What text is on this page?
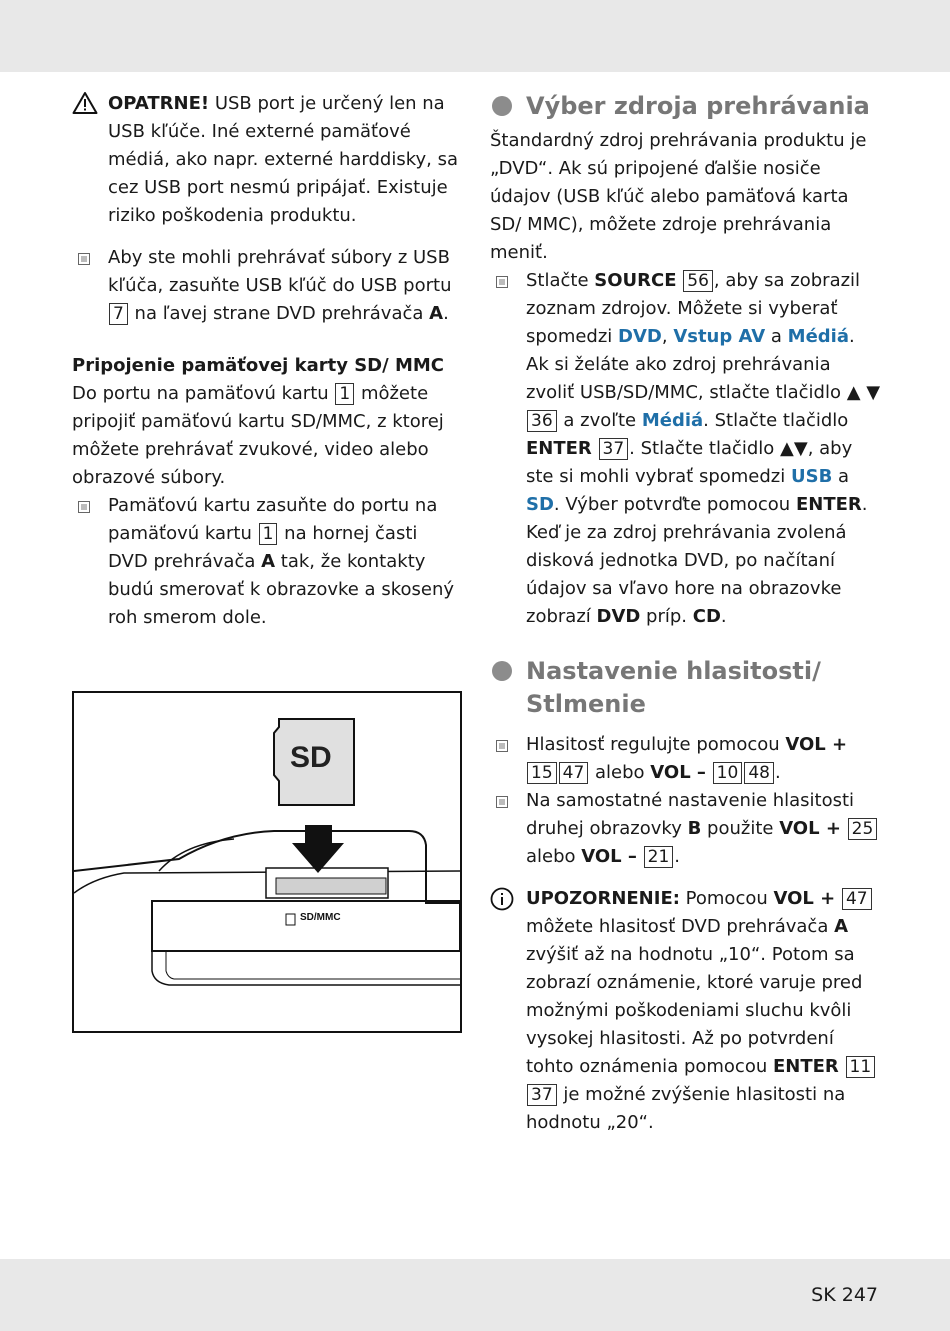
OPATRNE! USB port je určený len na USB kľúče. Iné externé pamäťové médiá, ako napr. externé harddisky, sa cez USB port nesmú pripájať. Existuje riziko poškodenia produktu.

Aby ste mohli prehrávať súbory z USB kľúča, zasuňte USB kľúč do USB portu 7 na ľavej strane DVD prehrávača A.

Pripojenie pamäťovej karty SD/ MMC

Do portu na pamäťovú kartu 1 môžete pripojiť pamäťovú kartu SD/MMC, z ktorej môžete prehrávať zvukové, video alebo obrazové súbory.

Pamäťovú kartu zasuňte do portu na pamäťovú kartu 1 na hornej časti DVD prehrávača A tak, že kontakty budú smerovať k obrazovke a skosený roh smerom dole.

SD
SD/MMC
Výber zdroja prehrávania

Štandardný zdroj prehrávania produktu je „DVD“. Ak sú pripojené ďalšie nosiče údajov (USB kľúč alebo pamäťová karta SD/ MMC), môžete zdroje prehrávania meniť.

Stlačte SOURCE 56 , aby sa zobrazil zoznam zdrojov. Môžete si vyberať spomedzi DVD, Vstup AV a Médiá. Ak si želáte ako zdroj prehrávania zvoliť USB/SD/MMC, stlačte tlačidlo ▲ ▼ 36 a zvoľte Médiá. Stlačte tlačidlo ENTER 37 . Stlačte tlačidlo ▲▼, aby ste si mohli vybrať spomedzi USB a SD. Výber potvrďte pomocou ENTER. Keď je za zdroj prehrávania zvolená disková jednotka DVD, po načítaní údajov sa vľavo hore na obrazovke zobrazí DVD príp. CD.

Nastavenie hlasitosti/ Stlmenie

Hlasitosť regulujte pomocou VOL + 15 47 alebo VOL – 10 48 .

Na samostatné nastavenie hlasitosti druhej obrazovky B použite VOL + 25 alebo VOL – 21 .

UPOZORNENIE: Pomocou VOL + 47 môžete hlasitosť DVD prehrávača A zvýšiť až na hodnotu „10“. Potom sa zobrazí oznámenie, ktoré varuje pred možnými poškodeniami sluchu kvôli vysokej hlasitosti. Až po potvrdení tohto oznámenia pomocou ENTER 11 37 je možné zvýšenie hlasitosti na hodnotu „20“.

SK 247
